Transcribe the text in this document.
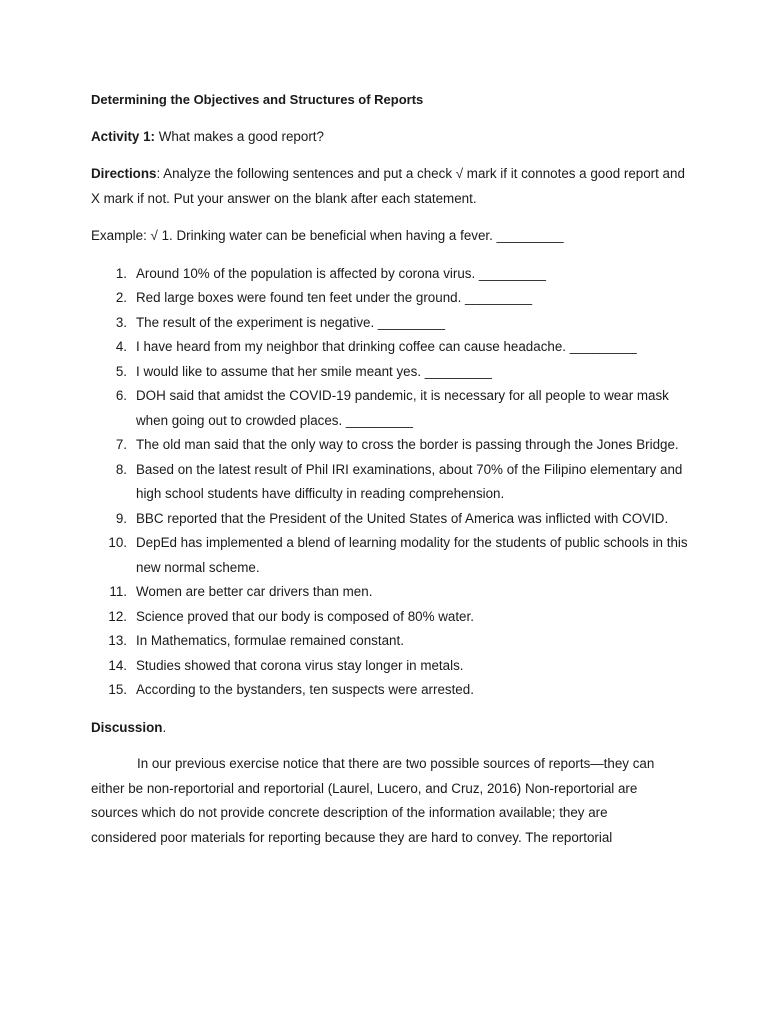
Determining the Objectives and Structures of Reports

Activity 1: What makes a good report?

Directions: Analyze the following sentences and put a check √ mark if it connotes a good report and X mark if not. Put your answer on the blank after each statement.

Example: √ 1. Drinking water can be beneficial when having a fever. _________

1. Around 10% of the population is affected by corona virus. _________
2. Red large boxes were found ten feet under the ground. _________
3. The result of the experiment is negative. _________
4. I have heard from my neighbor that drinking coffee can cause headache. _________
5. I would like to assume that her smile meant yes. _________
6. DOH said that amidst the COVID-19 pandemic, it is necessary for all people to wear mask when going out to crowded places. _________
7. The old man said that the only way to cross the border is passing through the Jones Bridge.
8. Based on the latest result of Phil IRI examinations, about 70% of the Filipino elementary and high school students have difficulty in reading comprehension.
9. BBC reported that the President of the United States of America was inflicted with COVID.
10. DepEd has implemented a blend of learning modality for the students of public schools in this new normal scheme.
11. Women are better car drivers than men.
12. Science proved that our body is composed of 80% water.
13. In Mathematics, formulae remained constant.
14. Studies showed that corona virus stay longer in metals.
15. According to the bystanders, ten suspects were arrested.

Discussion.

In our previous exercise notice that there are two possible sources of reports—they can either be non-reportorial and reportorial (Laurel, Lucero, and Cruz, 2016) Non-reportorial are sources which do not provide concrete description of the information available; they are considered poor materials for reporting because they are hard to convey. The reportorial
